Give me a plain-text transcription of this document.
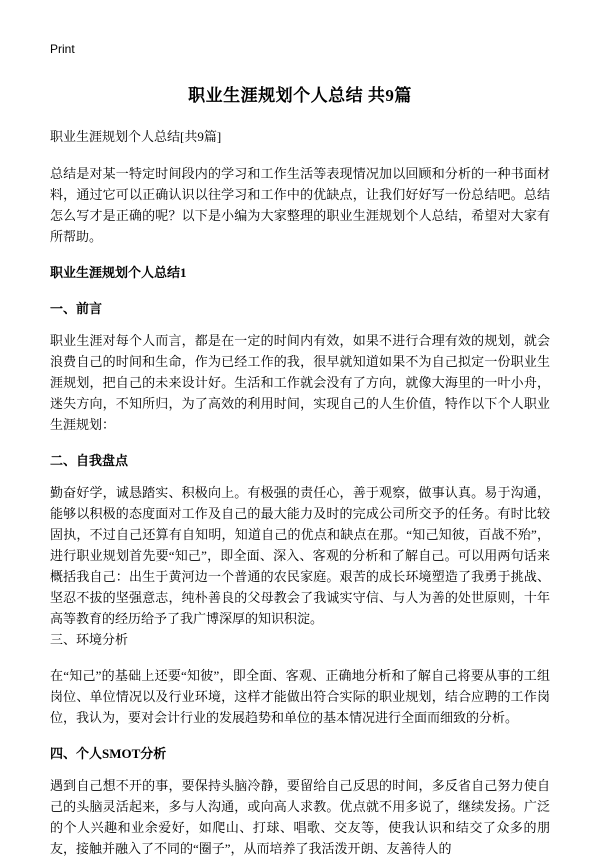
Print
职业生涯规划个人总结 共9篇

职业生涯规划个人总结[共9篇]

总结是对某一特定时间段内的学习和工作生活等表现情况加以回顾和分析的一种书面材料，通过它可以正确认识以往学习和工作中的优缺点，让我们好好写一份总结吧。总结怎么写才是正确的呢？以下是小编为大家整理的职业生涯规划个人总结，希望对大家有所帮助。

职业生涯规划个人总结1

一、前言

职业生涯对每个人而言，都是在一定的时间内有效，如果不进行合理有效的规划，就会浪费自己的时间和生命，作为已经工作的我，很早就知道如果不为自己拟定一份职业生涯规划，把自己的未来设计好。生活和工作就会没有了方向，就像大海里的一叶小舟，迷失方向，不知所归，为了高效的利用时间，实现自己的人生价值，特作以下个人职业生涯规划：

二、自我盘点

勤奋好学，诚恳踏实、积极向上。有极强的责任心，善于观察，做事认真。易于沟通，能够以积极的态度面对工作及自己的最大能力及时的完成公司所交予的任务。有时比较固执，不过自己还算有自知明，知道自己的优点和缺点在那。“知己知彼，百战不殆”，进行职业规划首先要“知己”，即全面、深入、客观的分析和了解自己。可以用两句话来概括我自己：出生于黄河边一个普通的农民家庭。艰苦的成长环境塑造了我勇于挑战、坚忍不拔的坚强意志，纯朴善良的父母教会了我诚实守信、与人为善的处世原则，十年高等教育的经历给予了我广博深厚的知识积淀。

三、环境分析

在“知己”的基础上还要“知彼”，即全面、客观、正确地分析和了解自己将要从事的工组岗位、单位情况以及行业环境，这样才能做出符合实际的职业规划，结合应聘的工作岗位，我认为，要对会计行业的发展趋势和单位的基本情况进行全面而细致的分析。

四、个人SMOT分析

遇到自己想不开的事，要保持头脑冷静，要留给自己反思的时间，多反省自己努力使自己的头脑灵活起来，多与人沟通，或向高人求教。优点就不用多说了，继续发扬。广泛的个人兴趣和业余爱好，如爬山、打球、唱歌、交友等，使我认识和结交了众多的朋友，接触并融入了不同的“圈子”，从而培养了我活泼开朗、友善待人的
